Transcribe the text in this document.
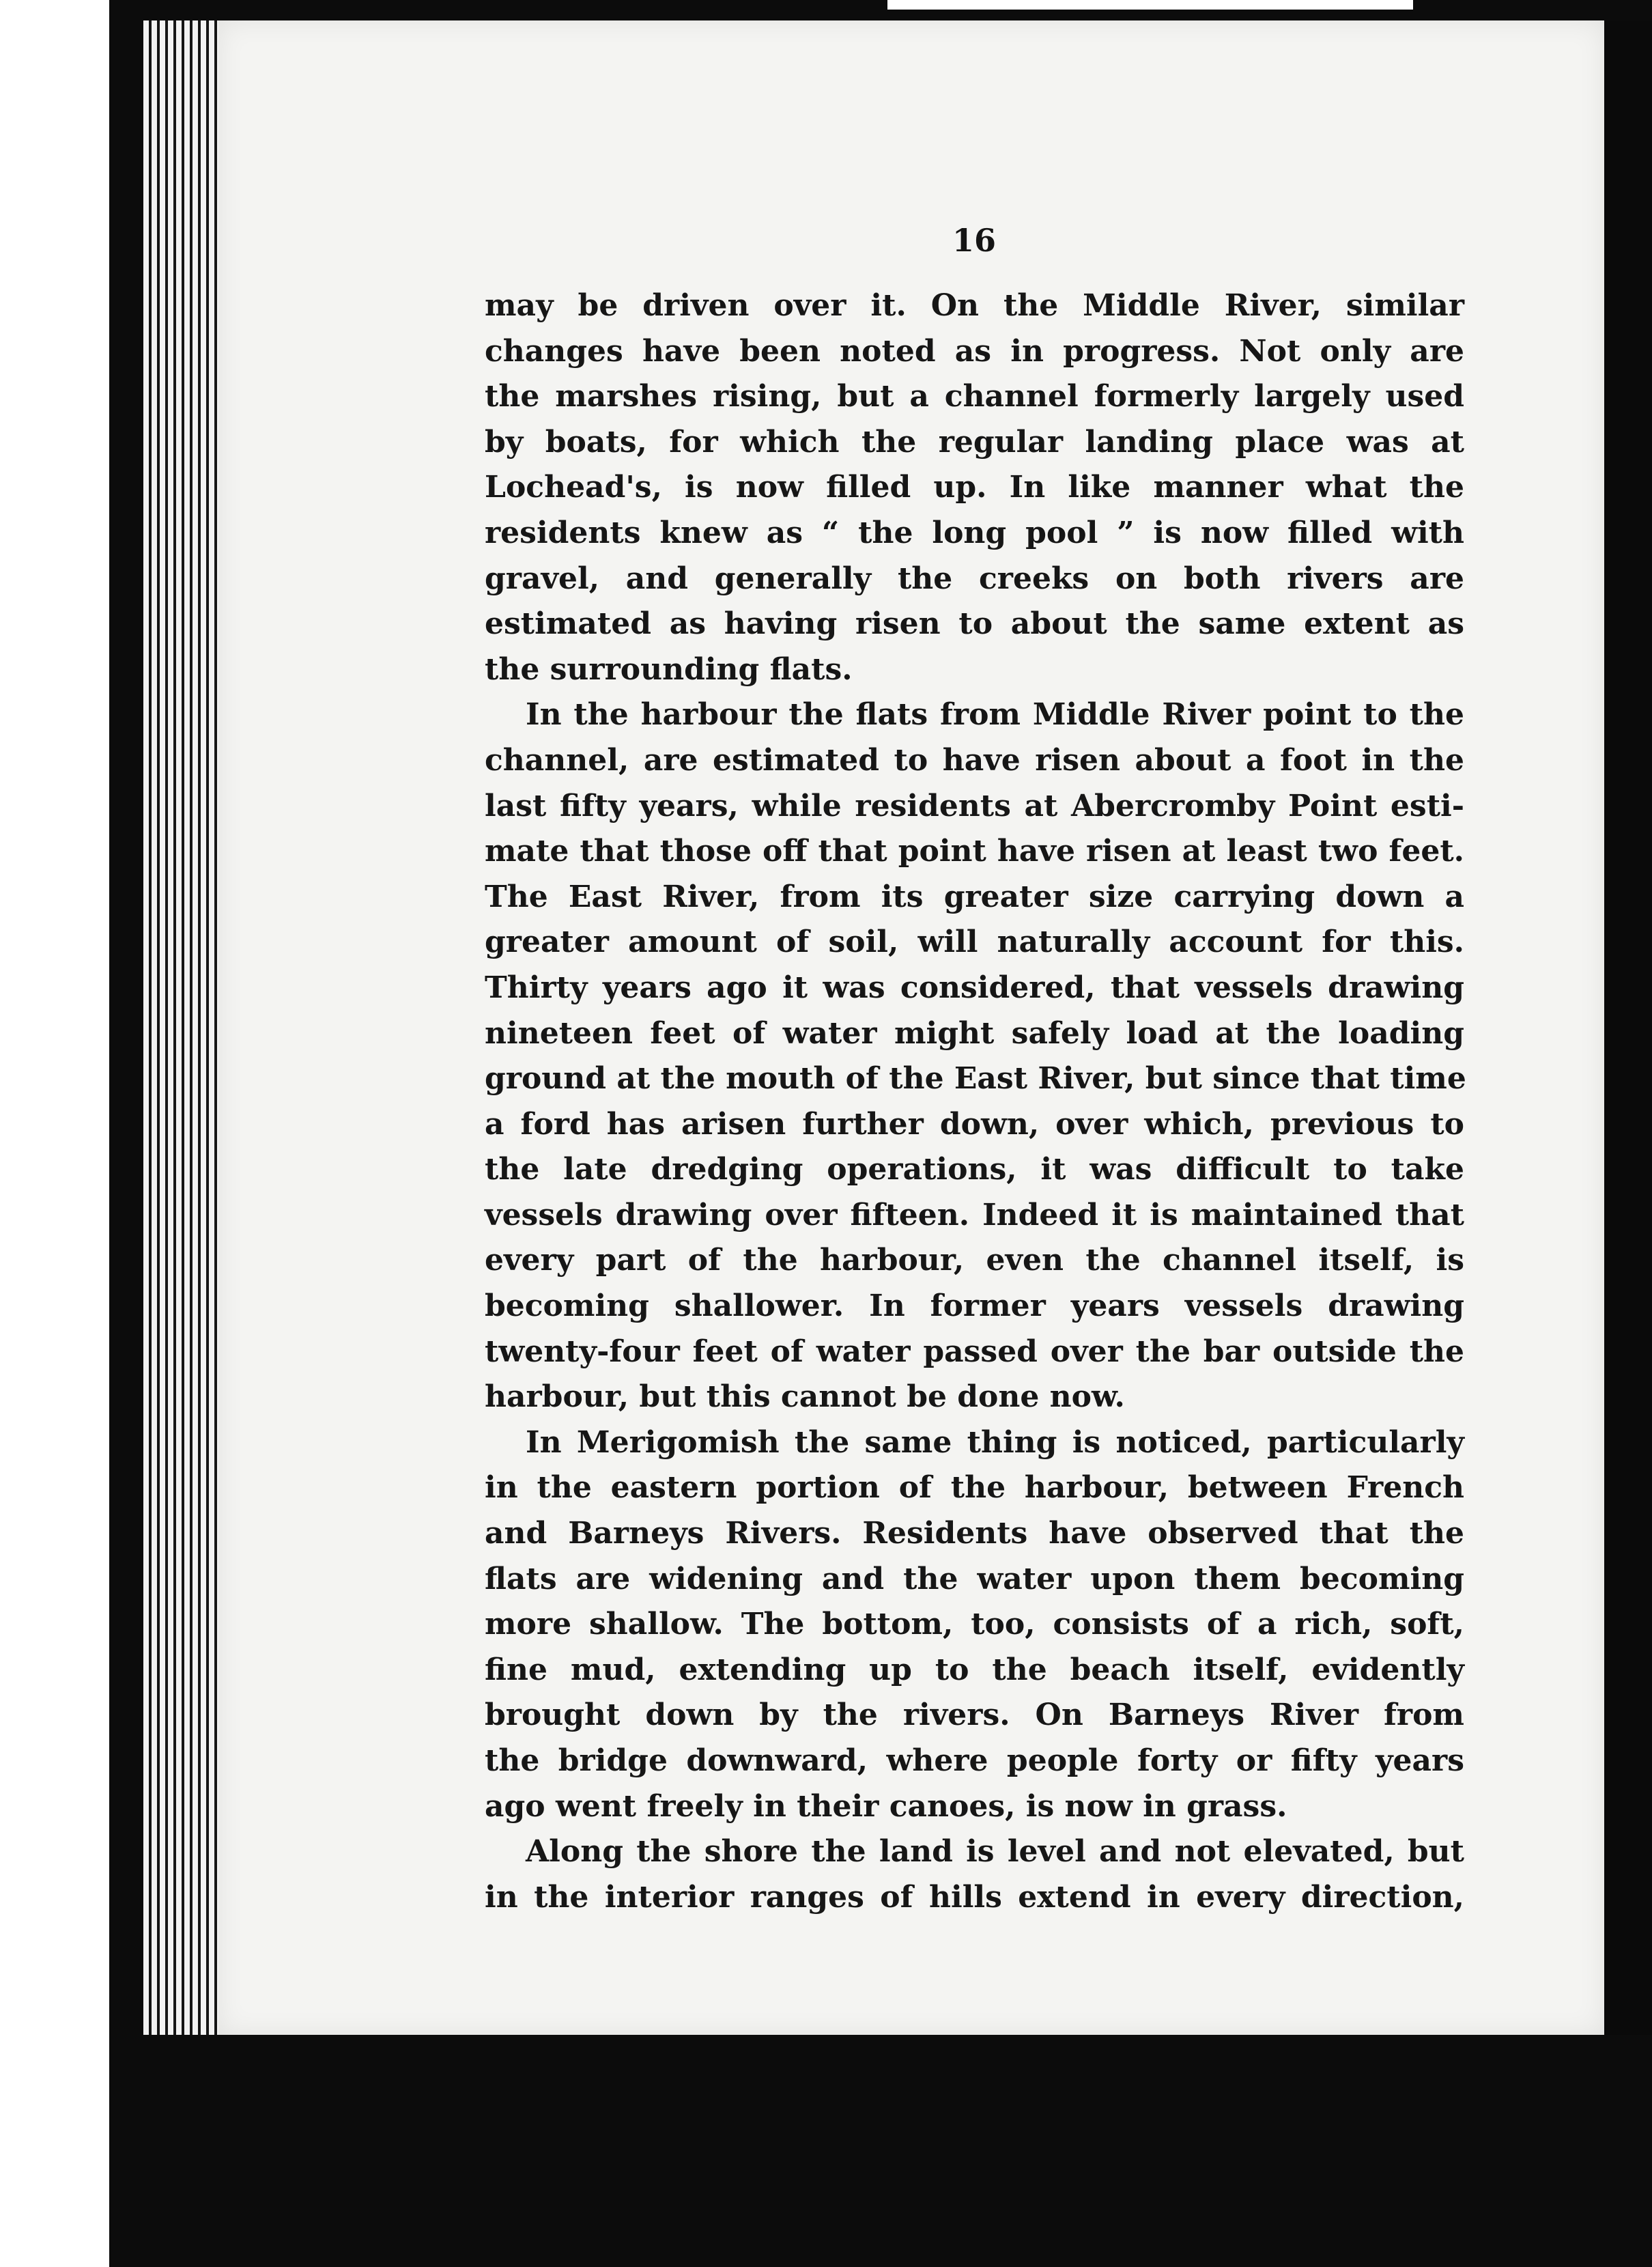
16
may be driven over it. On the Middle River, similar
changes have been noted as in progress. Not only are
the marshes rising, but a channel formerly largely used
by boats, for which the regular landing place was at
Lochead's, is now filled up. In like manner what the
residents knew as “ the long pool ” is now filled with
gravel, and generally the creeks on both rivers are
estimated as having risen to about the same extent as
the surrounding flats.
In the harbour the flats from Middle River point to the
channel, are estimated to have risen about a foot in the
last fifty years, while residents at Abercromby Point esti-
mate that those off that point have risen at least two feet.
The East River, from its greater size carrying down a
greater amount of soil, will naturally account for this.
Thirty years ago it was considered, that vessels drawing
nineteen feet of water might safely load at the loading
ground at the mouth of the East River, but since that time
a ford has arisen further down, over which, previous to
the late dredging operations, it was difficult to take
vessels drawing over fifteen. Indeed it is maintained that
every part of the harbour, even the channel itself, is
becoming shallower. In former years vessels drawing
twenty-four feet of water passed over the bar outside the
harbour, but this cannot be done now.
In Merigomish the same thing is noticed, particularly
in the eastern portion of the harbour, between French
and Barneys Rivers. Residents have observed that the
flats are widening and the water upon them becoming
more shallow. The bottom, too, consists of a rich, soft,
fine mud, extending up to the beach itself, evidently
brought down by the rivers. On Barneys River from
the bridge downward, where people forty or fifty years
ago went freely in their canoes, is now in grass.
Along the shore the land is level and not elevated, but
in the interior ranges of hills extend in every direction,
